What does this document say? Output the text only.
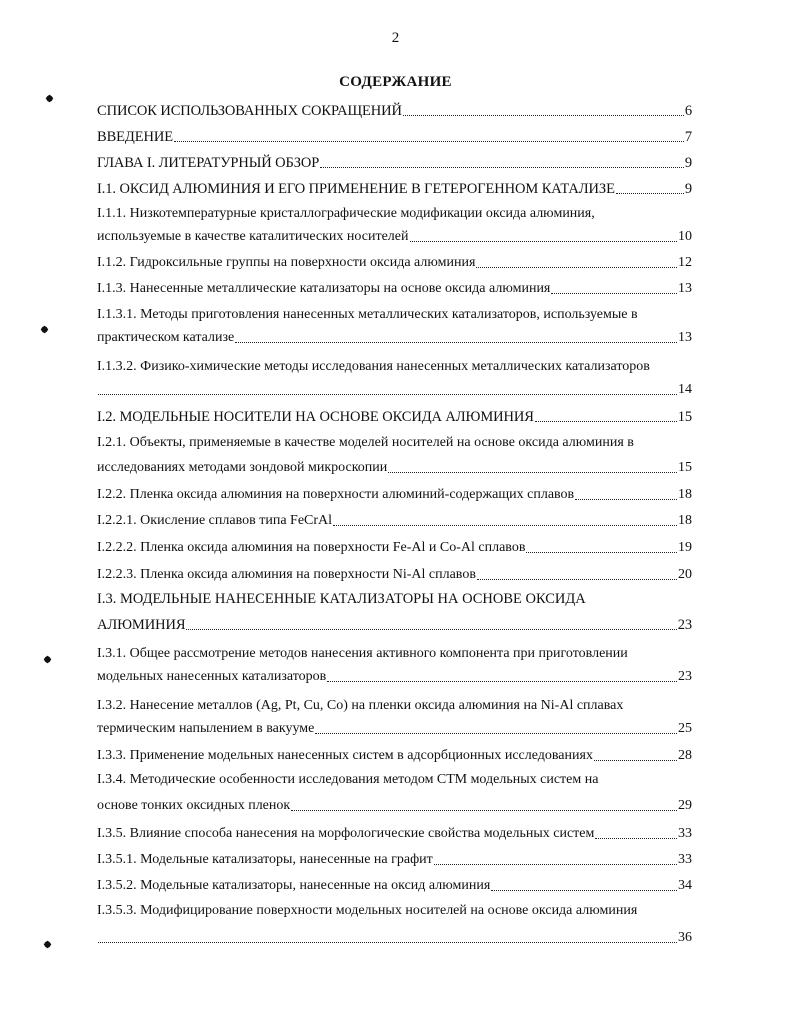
2
СОДЕРЖАНИЕ
СПИСОК ИСПОЛЬЗОВАННЫХ СОКРАЩЕНИЙ	6
ВВЕДЕНИЕ	7
ГЛАВА I. ЛИТЕРАТУРНЫЙ ОБЗОР	9
I.1. ОКСИД АЛЮМИНИЯ И ЕГО ПРИМЕНЕНИЕ В ГЕТЕРОГЕННОМ КАТАЛИЗЕ	9
I.1.1. Низкотемпературные кристаллографические модификации оксида алюминия,
используемые в качестве каталитических носителей	10
I.1.2. Гидроксильные группы на поверхности оксида алюминия	12
I.1.3. Нанесенные металлические катализаторы на основе оксида алюминия	13
I.1.3.1. Методы приготовления нанесенных металлических катализаторов, используемые в
практическом катализе	13
I.1.3.2. Физико-химические методы исследования нанесенных металлических катализаторов
14
I.2. МОДЕЛЬНЫЕ НОСИТЕЛИ НА ОСНОВЕ ОКСИДА АЛЮМИНИЯ	15
I.2.1. Объекты, применяемые в качестве моделей носителей на основе оксида алюминия в
исследованиях методами зондовой микроскопии	15
I.2.2. Пленка оксида алюминия на поверхности алюминий-содержащих сплавов	18
I.2.2.1. Окисление сплавов типа FeCrAl	18
I.2.2.2. Пленка оксида алюминия на поверхности Fe-Al и Co-Al сплавов	19
I.2.2.3. Пленка оксида алюминия на поверхности Ni-Al сплавов	20
I.3. МОДЕЛЬНЫЕ НАНЕСЕННЫЕ КАТАЛИЗАТОРЫ НА ОСНОВЕ ОКСИДА
АЛЮМИНИЯ	23
I.3.1. Общее рассмотрение методов нанесения активного компонента при приготовлении
модельных нанесенных катализаторов	23
I.3.2. Нанесение металлов (Ag, Pt, Cu, Co) на пленки оксида алюминия на Ni-Al сплавах
термическим напылением в вакууме	25
I.3.3. Применение модельных нанесенных систем в адсорбционных исследованиях	28
I.3.4. Методические особенности исследования методом СТМ модельных систем на
основе тонких оксидных пленок	29
I.3.5. Влияние способа нанесения на морфологические свойства модельных систем	33
I.3.5.1. Модельные катализаторы, нанесенные на графит	33
I.3.5.2. Модельные катализаторы, нанесенные на оксид алюминия	34
I.3.5.3. Модифицирование поверхности модельных носителей на основе оксида алюминия
36
